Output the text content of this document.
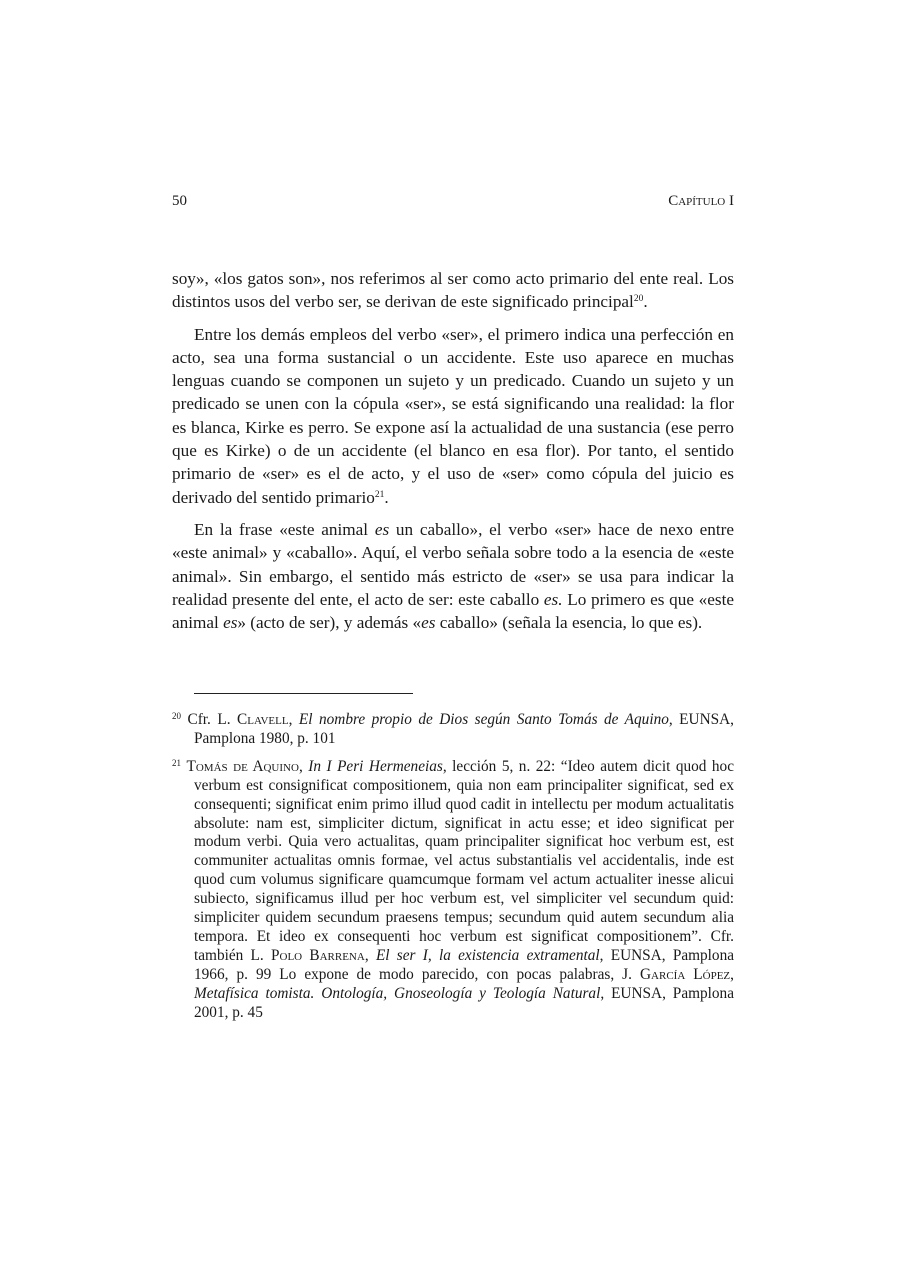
50	Capítulo I

soy», «los gatos son», nos referimos al ser como acto primario del ente real. Los distintos usos del verbo ser, se derivan de este significado principal$^{20}$.

Entre los demás empleos del verbo «ser», el primero indica una perfección en acto, sea una forma sustancial o un accidente. Este uso aparece en muchas lenguas cuando se componen un sujeto y un predicado. Cuando un sujeto y un predicado se unen con la cópula «ser», se está significando una realidad: la flor es blanca, Kirke es perro. Se expone así la actualidad de una sustancia (ese perro que es Kirke) o de un accidente (el blanco en esa flor). Por tanto, el sentido primario de «ser» es el de acto, y el uso de «ser» como cópula del juicio es derivado del sentido primario$^{21}$.

En la frase «este animal es un caballo», el verbo «ser» hace de nexo entre «este animal» y «caballo». Aquí, el verbo señala sobre todo a la esencia de «este animal». Sin embargo, el sentido más estricto de «ser» se usa para indicar la realidad presente del ente, el acto de ser: este caballo es. Lo primero es que «este animal es» (acto de ser), y además «es caballo» (señala la esencia, lo que es).

$^{20}$ Cfr. L. Clavell, El nombre propio de Dios según Santo Tomás de Aquino, EUNSA, Pamplona 1980, p. 101

$^{21}$ Tomás de Aquino, In I Peri Hermeneias, lección 5, n. 22: “Ideo autem dicit quod hoc verbum est consignificat compositionem, quia non eam principaliter significat, sed ex consequenti; significat enim primo illud quod cadit in intellectu per modum actualitatis absolute: nam est, simpliciter dictum, significat in actu esse; et ideo significat per modum verbi. Quia vero actualitas, quam principaliter significat hoc verbum est, est communiter actualitas omnis formae, vel actus substantialis vel accidentalis, inde est quod cum volumus significare quamcumque formam vel actum actualiter inesse alicui subiecto, significamus illud per hoc verbum est, vel simpliciter vel secundum quid: simpliciter quidem secundum praesens tempus; secundum quid autem secundum alia tempora. Et ideo ex consequenti hoc verbum est significat compositionem”. Cfr. también L. Polo Barrena, El ser I, la existencia extramental, EUNSA, Pamplona 1966, p. 99 Lo expone de modo parecido, con pocas palabras, J. García López, Metafísica tomista. Ontología, Gnoseología y Teología Natural, EUNSA, Pamplona 2001, p. 45
